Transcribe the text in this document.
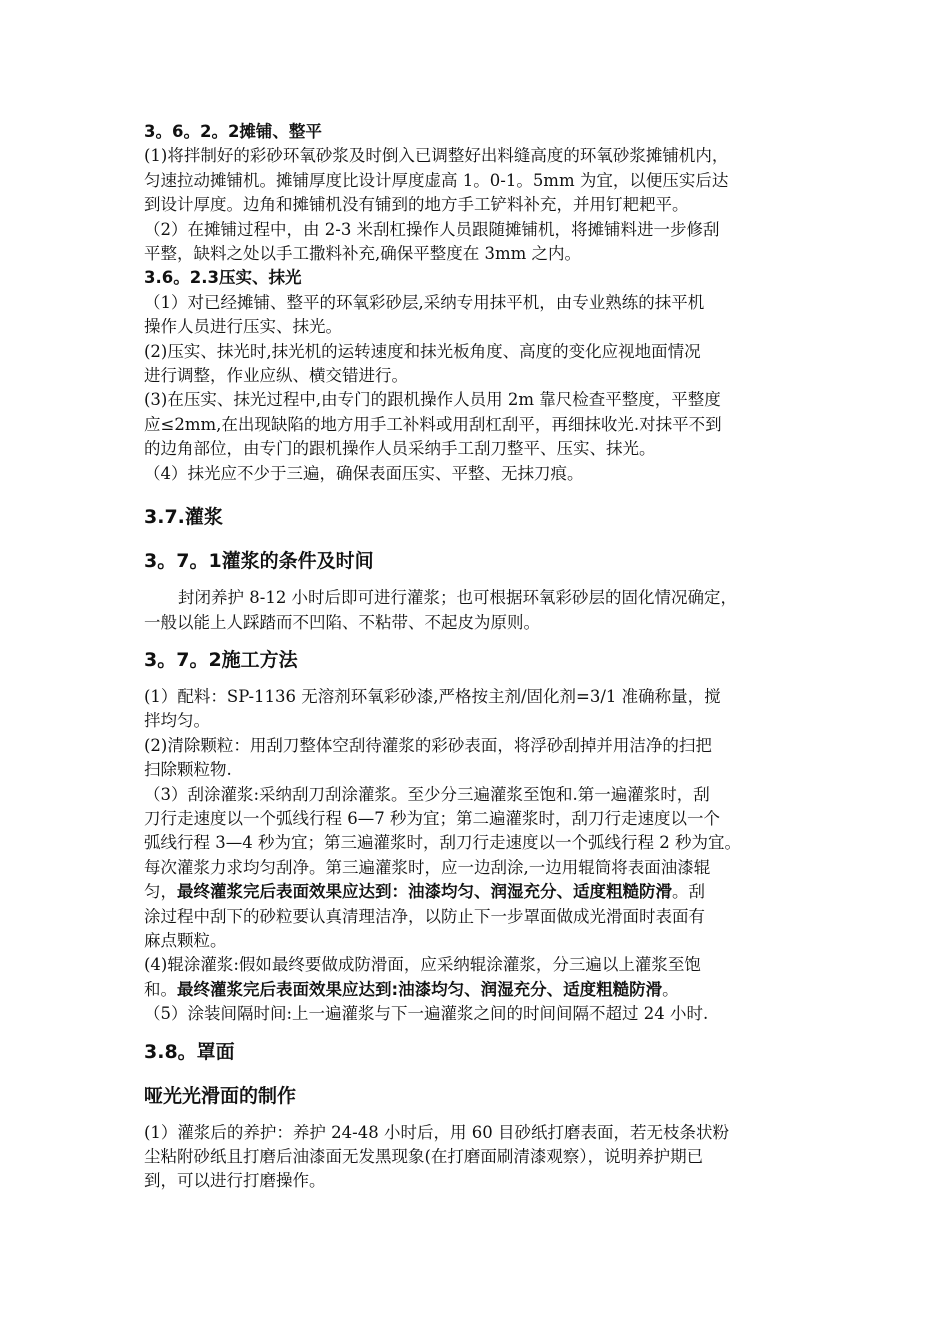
3。6。2。2摊铺、整平
(1)将拌制好的彩砂环氧砂浆及时倒入已调整好出料缝高度的环氧砂浆摊铺机内，
匀速拉动摊铺机。摊铺厚度比设计厚度虚高 1。0-1。5mm 为宜，以便压实后达
到设计厚度。边角和摊铺机没有铺到的地方手工铲料补充，并用钉耙耙平。
（2）在摊铺过程中，由 2-3 米刮杠操作人员跟随摊铺机，将摊铺料进一步修刮
平整，缺料之处以手工撒料补充,确保平整度在 3mm 之内。
3.6。2.3压实、抹光
（1）对已经摊铺、整平的环氧彩砂层,采纳专用抹平机，由专业熟练的抹平机
操作人员进行压实、抹光。
(2)压实、抹光时,抹光机的运转速度和抹光板角度、高度的变化应视地面情况
进行调整，作业应纵、横交错进行。
(3)在压实、抹光过程中,由专门的跟机操作人员用 2m 靠尺检查平整度，平整度
应≤2mm,在出现缺陷的地方用手工补料或用刮杠刮平，再细抹收光.对抹平不到
的边角部位，由专门的跟机操作人员采纳手工刮刀整平、压实、抹光。
（4）抹光应不少于三遍，确保表面压实、平整、无抹刀痕。
3.7.灌浆
3。7。1灌浆的条件及时间
封闭养护 8-12 小时后即可进行灌浆；也可根据环氧彩砂层的固化情况确定，
一般以能上人踩踏而不凹陷、不粘带、不起皮为原则。
3。7。2施工方法
(1）配料：SP-1136 无溶剂环氧彩砂漆,严格按主剂/固化剂=3/1 准确称量，搅
拌均匀。
(2)清除颗粒：用刮刀整体空刮待灌浆的彩砂表面，将浮砂刮掉并用洁净的扫把
扫除颗粒物.
（3）刮涂灌浆:采纳刮刀刮涂灌浆。至少分三遍灌浆至饱和.第一遍灌浆时，刮
刀行走速度以一个弧线行程 6—7 秒为宜；第二遍灌浆时，刮刀行走速度以一个
弧线行程 3—4 秒为宜；第三遍灌浆时，刮刀行走速度以一个弧线行程 2 秒为宜。
每次灌浆力求均匀刮净。第三遍灌浆时，应一边刮涂,一边用辊筒将表面油漆辊
匀，最终灌浆完后表面效果应达到：油漆均匀、润湿充分、适度粗糙防滑。刮
涂过程中刮下的砂粒要认真清理洁净，以防止下一步罩面做成光滑面时表面有
麻点颗粒。
(4)辊涂灌浆:假如最终要做成防滑面，应采纳辊涂灌浆，分三遍以上灌浆至饱
和。最终灌浆完后表面效果应达到:油漆均匀、润湿充分、适度粗糙防滑。
（5）涂装间隔时间:上一遍灌浆与下一遍灌浆之间的时间间隔不超过 24 小时.
3.8。罩面
哑光光滑面的制作
(1）灌浆后的养护：养护 24-48 小时后，用 60 目砂纸打磨表面，若无枝条状粉
尘粘附砂纸且打磨后油漆面无发黑现象(在打磨面刷清漆观察），说明养护期已
到，可以进行打磨操作。
